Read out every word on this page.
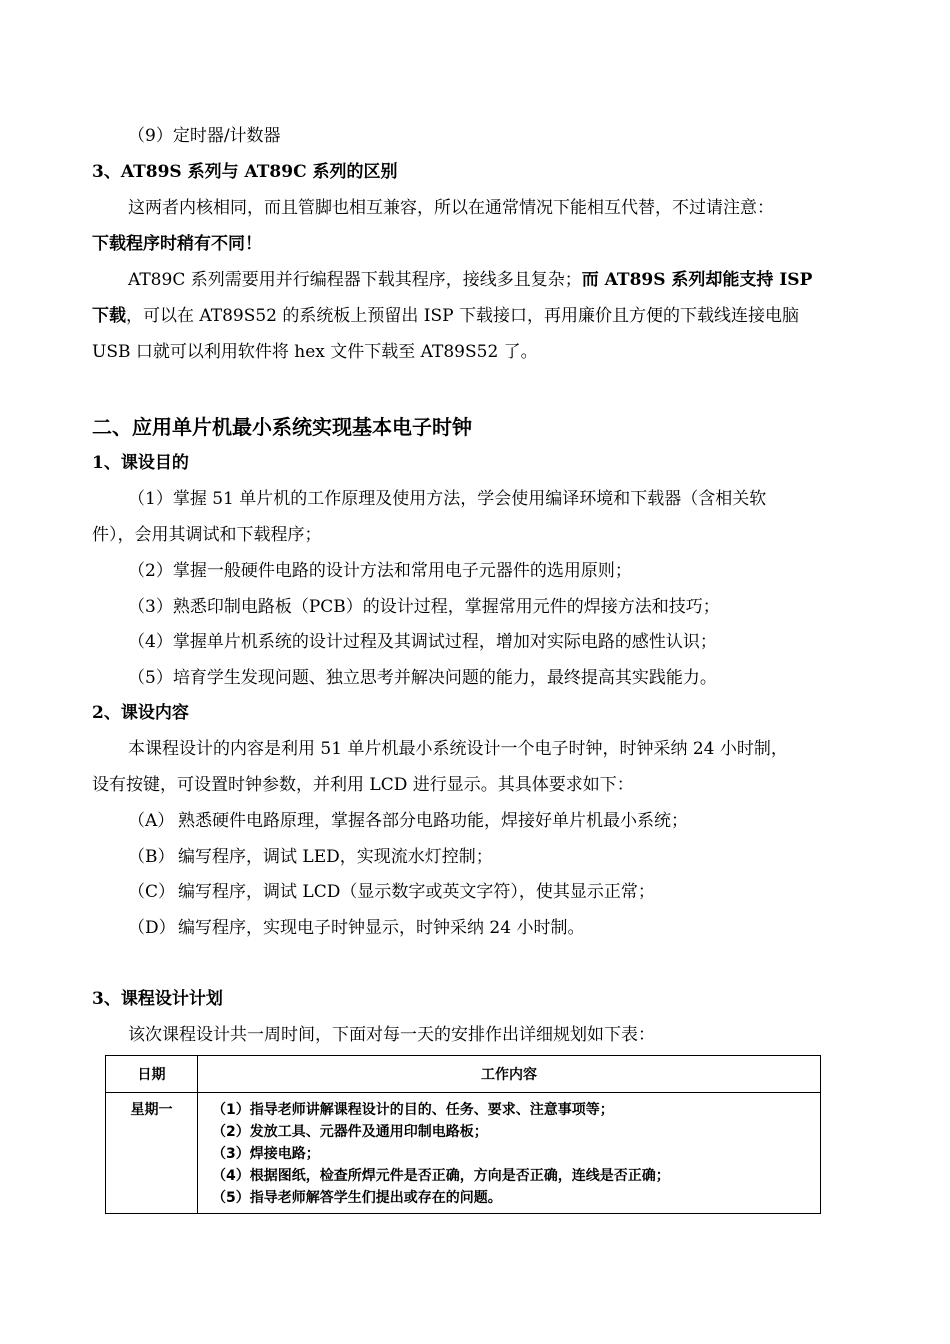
（9）定时器/计数器
3、AT89S 系列与 AT89C 系列的区别
这两者内核相同，而且管脚也相互兼容，所以在通常情况下能相互代替，不过请注意：
下载程序时稍有不同！
AT89C 系列需要用并行编程器下载其程序，接线多且复杂；而 AT89S 系列却能支持 ISP
下载，可以在 AT89S52 的系统板上预留出 ISP 下载接口，再用廉价且方便的下载线连接电脑
USB 口就可以利用软件将 hex 文件下载至 AT89S52 了。
二、应用单片机最小系统实现基本电子时钟
1、课设目的
（1）掌握 51 单片机的工作原理及使用方法，学会使用编译环境和下载器（含相关软
件），会用其调试和下载程序；
（2）掌握一般硬件电路的设计方法和常用电子元器件的选用原则；
（3）熟悉印制电路板（PCB）的设计过程，掌握常用元件的焊接方法和技巧；
（4）掌握单片机系统的设计过程及其调试过程，增加对实际电路的感性认识；
（5）培育学生发现问题、独立思考并解决问题的能力，最终提高其实践能力。
2、课设内容
本课程设计的内容是利用 51 单片机最小系统设计一个电子时钟，时钟采纳 24 小时制，
设有按键，可设置时钟参数，并利用 LCD 进行显示。其具体要求如下：
（A） 熟悉硬件电路原理，掌握各部分电路功能，焊接好单片机最小系统；
（B） 编写程序，调试 LED，实现流水灯控制；
（C） 编写程序，调试 LCD（显示数字或英文字符），使其显示正常；
（D） 编写程序，实现电子时钟显示，时钟采纳 24 小时制。
3、课程设计计划
该次课程设计共一周时间，下面对每一天的安排作出详细规划如下表：
日期	工作内容
星期一	（1）指导老师讲解课程设计的目的、任务、要求、注意事项等；
（2）发放工具、元器件及通用印制电路板；
（3）焊接电路；
（4）根据图纸，检查所焊元件是否正确，方向是否正确，连线是否正确；
（5）指导老师解答学生们提出或存在的问题。
